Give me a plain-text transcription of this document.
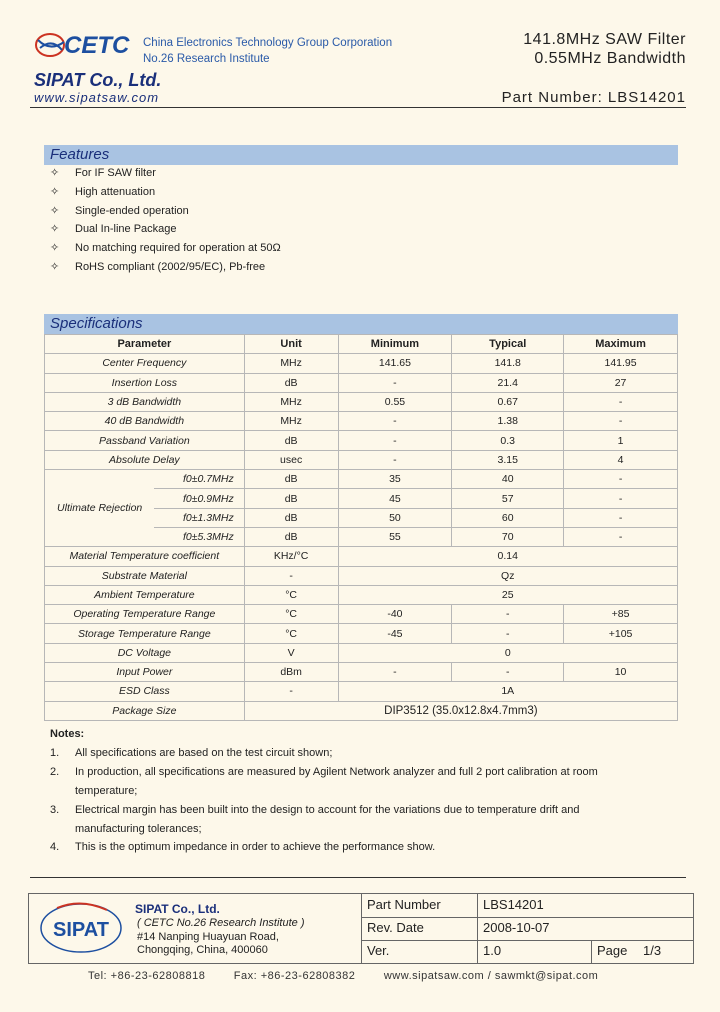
CETC China Electronics Technology Group Corporation
No.26 Research Institute
SIPAT Co., Ltd.
www.sipatsaw.com
141.8MHz SAW Filter
0.55MHz Bandwidth
Part Number: LBS14201
Features
✧ For IF SAW filter
✧ High attenuation
✧ Single-ended operation
✧ Dual In-line Package
✧ No matching required for operation at 50Ω
✧ RoHS compliant (2002/95/EC), Pb-free
Specifications
Parameter		Unit	Minimum	Typical	Maximum
Center Frequency		MHz	141.65	141.8	141.95
Insertion Loss		dB	-	21.4	27
3 dB Bandwidth		MHz	0.55	0.67	-
40 dB Bandwidth		MHz	-	1.38	-
Passband Variation		dB	-	0.3	1
Absolute Delay		usec	-	3.15	4
Ultimate Rejection	f0±0.7MHz	dB	35	40	-
	f0±0.9MHz	dB	45	57	-
	f0±1.3MHz	dB	50	60	-
	f0±5.3MHz	dB	55	70	-
Material Temperature coefficient		KHz/°C	0.14		
Substrate Material		-	Qz		
Ambient Temperature		°C	25		
Operating Temperature Range		°C	-40	-	+85
Storage Temperature Range		°C	-45	-	+105
DC Voltage		V	0		
Input Power		dBm	-	-	10
ESD Class		-	1A		
Package Size		DIP3512 (35.0x12.8x4.7mm3)			
Notes:
1. All specifications are based on the test circuit shown;
2. In production, all specifications are measured by Agilent Network analyzer and full 2 port calibration at room temperature;
3. Electrical margin has been built into the design to account for the variations due to temperature drift and manufacturing tolerances;
4. This is the optimum impedance in order to achieve the performance show.
SIPAT
SIPAT Co., Ltd.
( CETC No.26 Research Institute )
#14 Nanping Huayuan Road,
Chongqing, China, 400060
Part Number	LBS14201
Rev. Date	2008-10-07
Ver.	1.0	Page 1/3
Tel: +86-23-62808818        Fax: +86-23-62808382        www.sipatsaw.com / sawmkt@sipat.com
